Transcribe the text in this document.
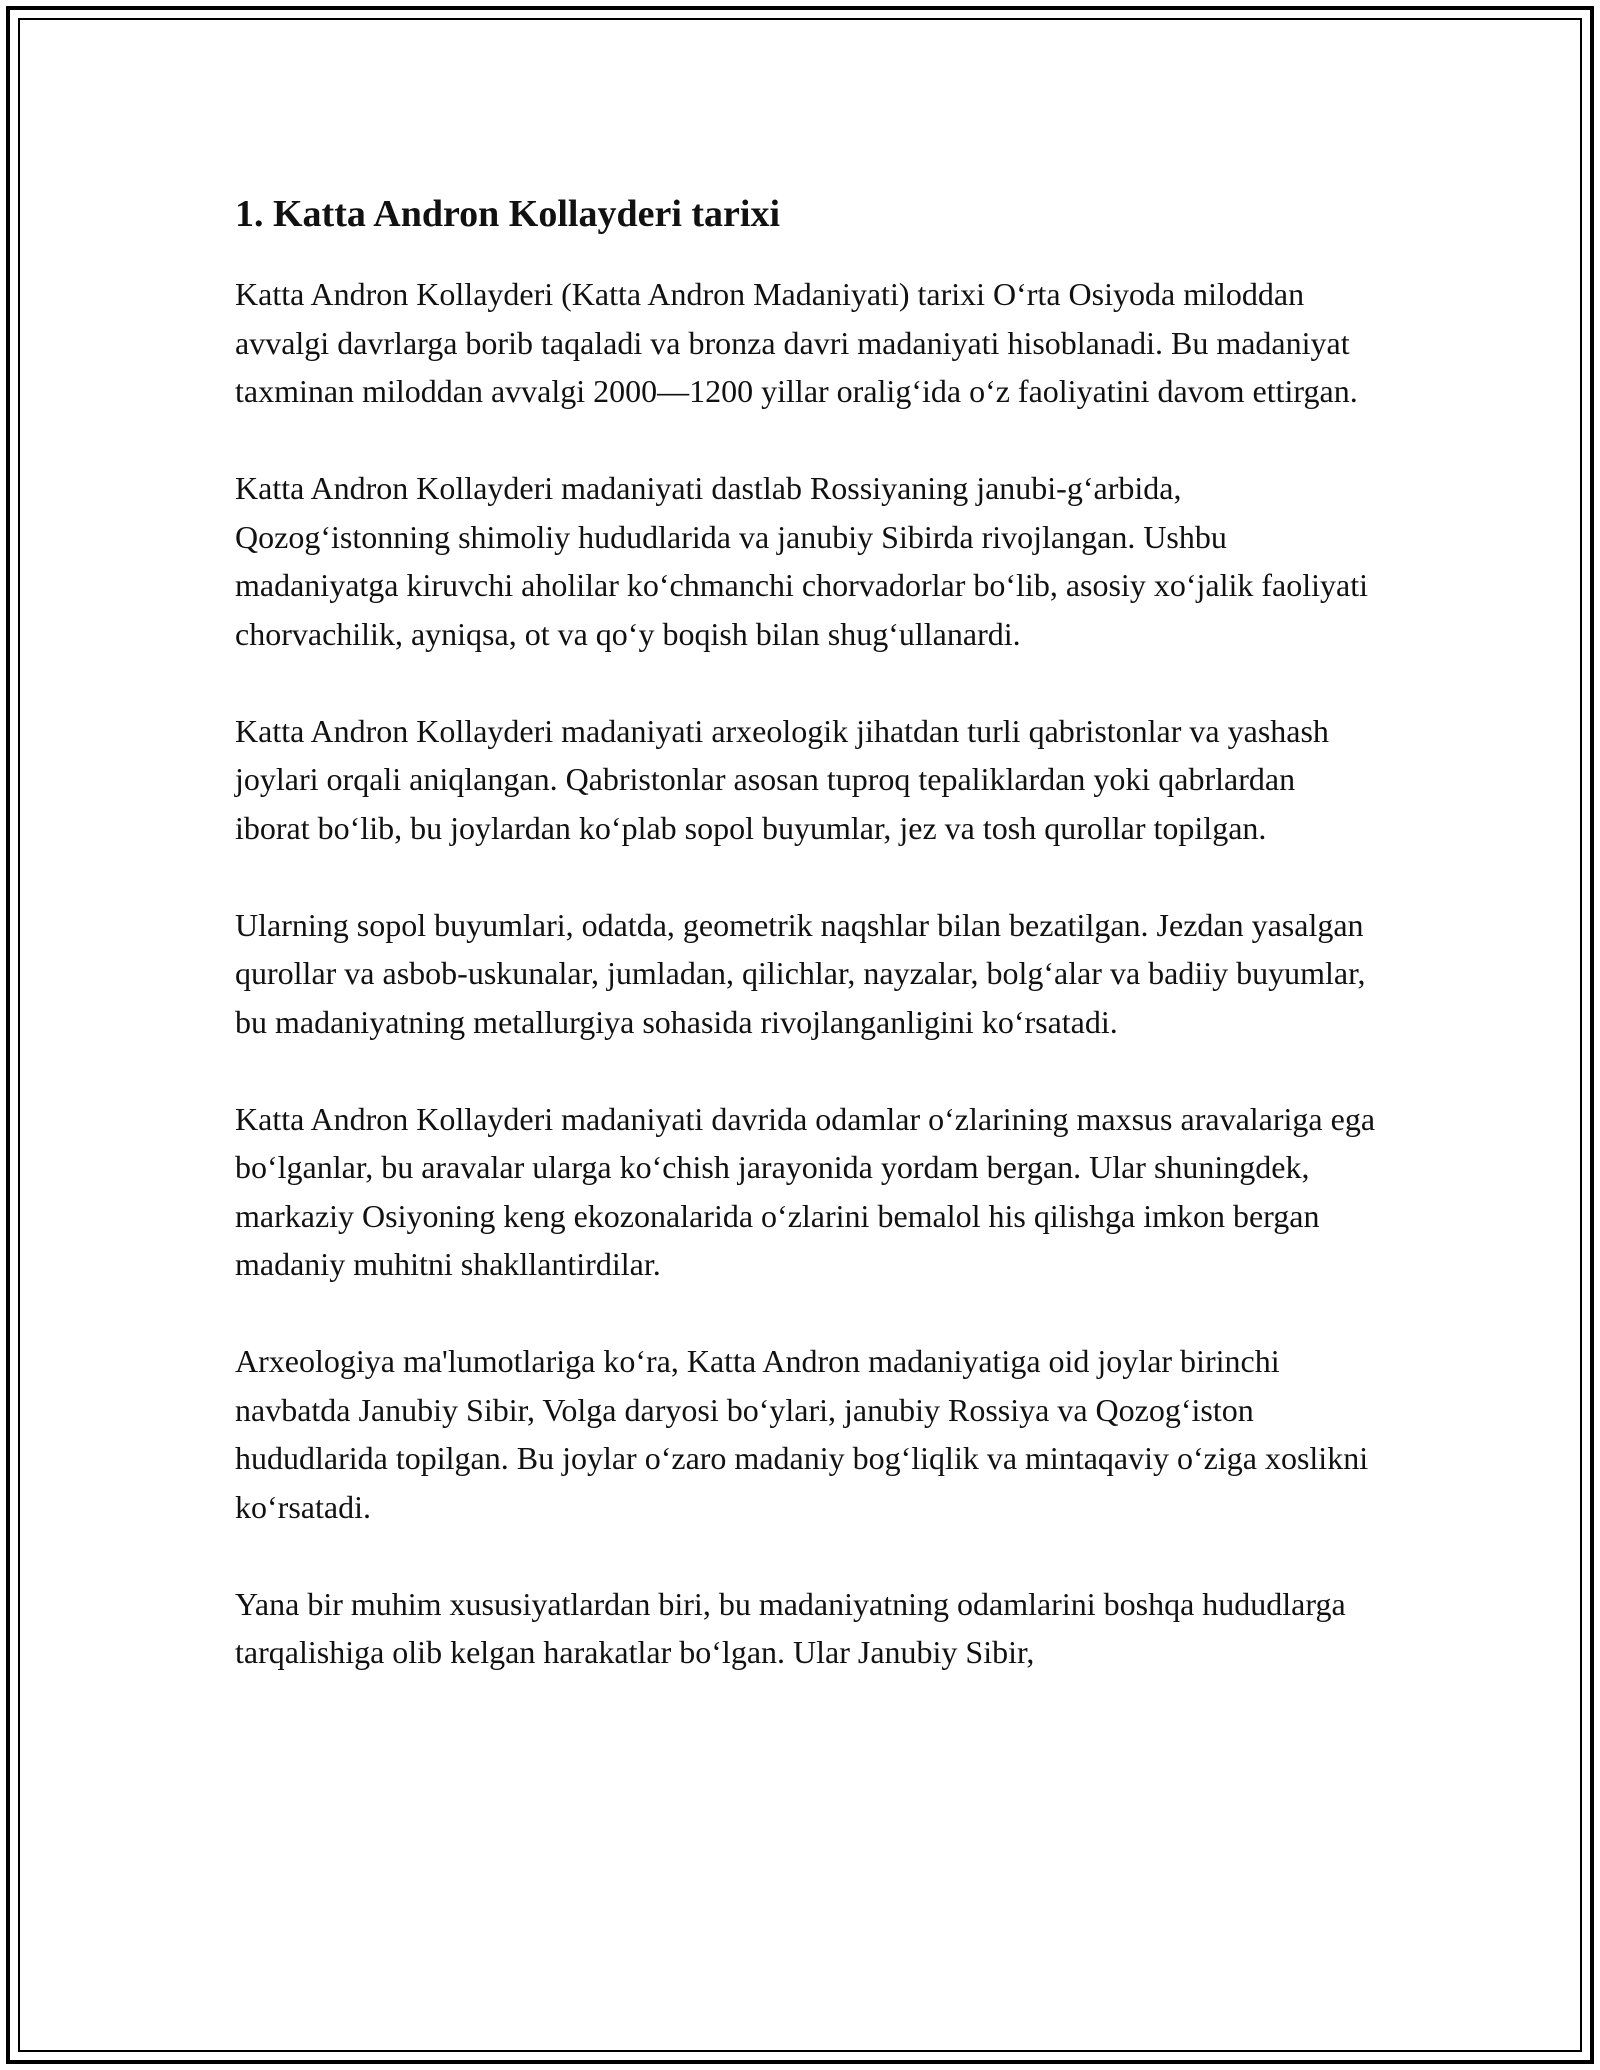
1. Katta Andron Kollayderi tarixi

Katta Andron Kollayderi (Katta Andron Madaniyati) tarixi O‘rta Osiyoda miloddan avvalgi davrlarga borib taqaladi va bronza davri madaniyati hisoblanadi. Bu madaniyat taxminan miloddan avvalgi 2000—1200 yillar oralig‘ida o‘z faoliyatini davom ettirgan.

Katta Andron Kollayderi madaniyati dastlab Rossiyaning janubi-g‘arbida, Qozog‘istonning shimoliy hududlarida va janubiy Sibirda rivojlangan. Ushbu madaniyatga kiruvchi aholilar ko‘chmanchi chorvadorlar bo‘lib, asosiy xo‘jalik faoliyati chorvachilik, ayniqsa, ot va qo‘y boqish bilan shug‘ullanardi.

Katta Andron Kollayderi madaniyati arxeologik jihatdan turli qabristonlar va yashash joylari orqali aniqlangan. Qabristonlar asosan tuproq tepaliklardan yoki qabrlardan iborat bo‘lib, bu joylardan ko‘plab sopol buyumlar, jez va tosh qurollar topilgan.

Ularning sopol buyumlari, odatda, geometrik naqshlar bilan bezatilgan. Jezdan yasalgan qurollar va asbob-uskunalar, jumladan, qilichlar, nayzalar, bolg‘alar va badiiy buyumlar, bu madaniyatning metallurgiya sohasida rivojlanganligini ko‘rsatadi.

Katta Andron Kollayderi madaniyati davrida odamlar o‘zlarining maxsus aravalariga ega bo‘lganlar, bu aravalar ularga ko‘chish jarayonida yordam bergan. Ular shuningdek, markaziy Osiyoning keng ekozonalarida o‘zlarini bemalol his qilishga imkon bergan madaniy muhitni shakllantirdilar.

Arxeologiya ma'lumotlariga ko‘ra, Katta Andron madaniyatiga oid joylar birinchi navbatda Janubiy Sibir, Volga daryosi bo‘ylari, janubiy Rossiya va Qozog‘iston hududlarida topilgan. Bu joylar o‘zaro madaniy bog‘liqlik va mintaqaviy o‘ziga xoslikni ko‘rsatadi.

Yana bir muhim xususiyatlardan biri, bu madaniyatning odamlarini boshqa hududlarga tarqalishiga olib kelgan harakatlar bo‘lgan. Ular Janubiy Sibir,
